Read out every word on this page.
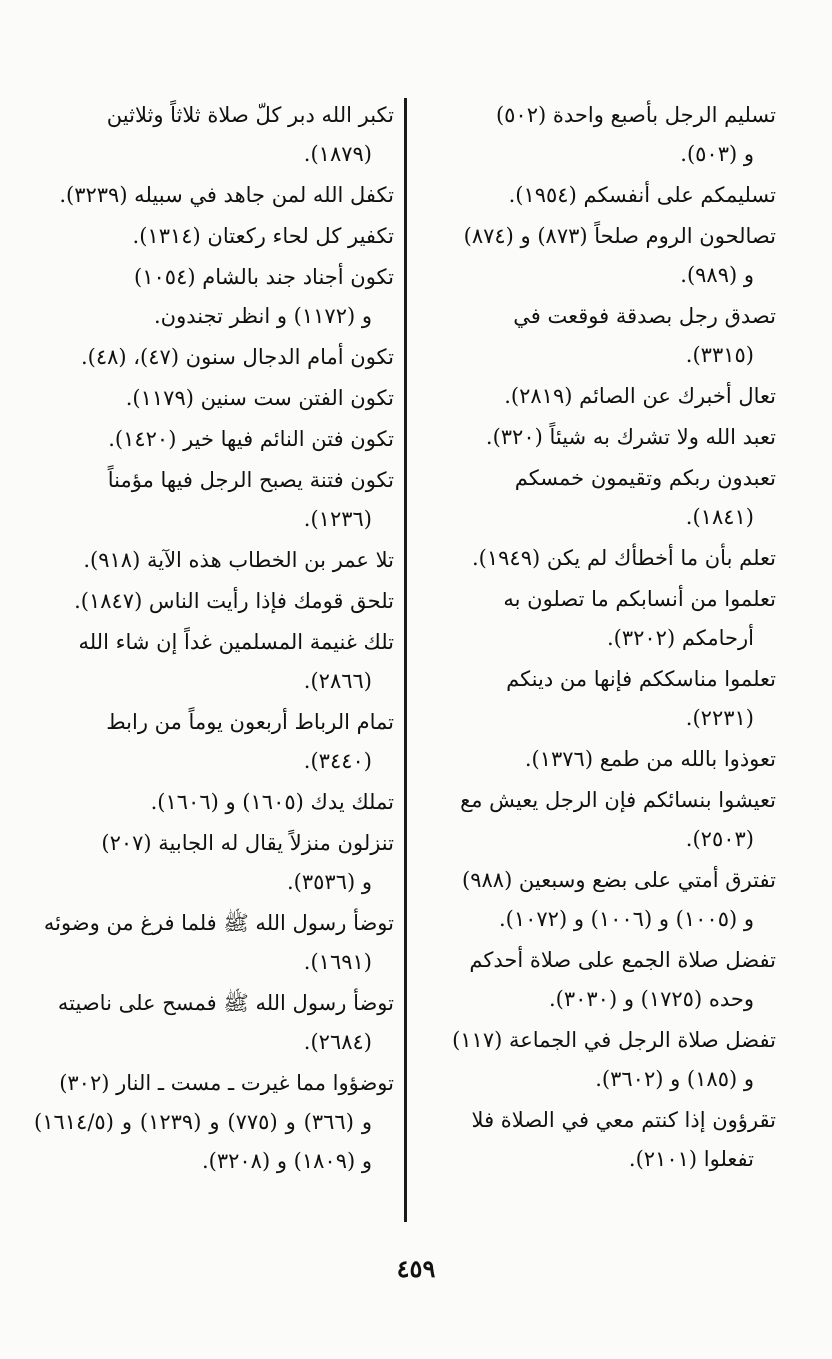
تسليم الرجل بأصبع واحدة (٥٠٢)
و (٥٠٣).
تسليمكم على أنفسكم (١٩٥٤).
تصالحون الروم صلحاً (٨٧٣) و (٨٧٤)
و (٩٨٩).
تصدق رجل بصدقة فوقعت في
(٣٣١٥).
تعال أخبرك عن الصائم (٢٨١٩).
تعبد الله ولا تشرك به شيئاً (٣٢٠).
تعبدون ربكم وتقيمون خمسكم
(١٨٤١).
تعلم بأن ما أخطأك لم يكن (١٩٤٩).
تعلموا من أنسابكم ما تصلون به
أرحامكم (٣٢٠٢).
تعلموا مناسككم فإنها من دينكم
(٢٢٣١).
تعوذوا بالله من طمع (١٣٧٦).
تعيشوا بنسائكم فإن الرجل يعيش مع
(٢٥٠٣).
تفترق أمتي على بضع وسبعين (٩٨٨)
و (١٠٠٥) و (١٠٠٦) و (١٠٧٢).
تفضل صلاة الجمع على صلاة أحدكم
وحده (١٧٢٥) و (٣٠٣٠).
تفضل صلاة الرجل في الجماعة (١١٧)
و (١٨٥) و (٣٦٠٢).
تقرؤون إذا كنتم معي في الصلاة فلا
تفعلوا (٢١٠١).
تكبر الله دبر كلّ صلاة ثلاثاً وثلاثين
(١٨٧٩).
تكفل الله لمن جاهد في سبيله (٣٢٣٩).
تكفير كل لحاء ركعتان (١٣١٤).
تكون أجناد جند بالشام (١٠٥٤)
و (١١٧٢) و انظر تجندون.
تكون أمام الدجال سنون (٤٧)، (٤٨).
تكون الفتن ست سنين (١١٧٩).
تكون فتن النائم فيها خير (١٤٢٠).
تكون فتنة يصبح الرجل فيها مؤمناً
(١٢٣٦).
تلا عمر بن الخطاب هذه الآية (٩١٨).
تلحق قومك فإذا رأيت الناس (١٨٤٧).
تلك غنيمة المسلمين غداً إن شاء الله
(٢٨٦٦).
تمام الرباط أربعون يوماً من رابط
(٣٤٤٠).
تملك يدك (١٦٠٥) و (١٦٠٦).
تنزلون منزلاً يقال له الجابية (٢٠٧)
و (٣٥٣٦).
توضأ رسول الله ﷺ فلما فرغ من وضوئه
(١٦٩١).
توضأ رسول الله ﷺ فمسح على ناصيته
(٢٦٨٤).
توضؤوا مما غيرت ـ مست ـ النار (٣٠٢)
و (٣٦٦) و (٧٧٥) و (١٢٣٩) و (١٦١٤/٥) و (١٨٠٩) و (٣٢٠٨).
٤٥٩
